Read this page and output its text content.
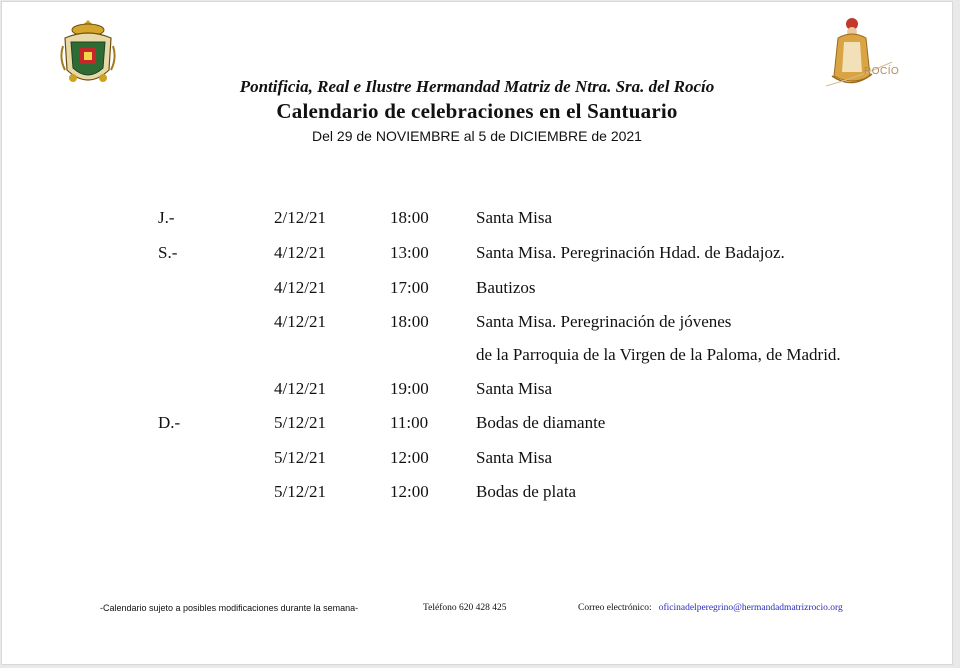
ROCÍO
Pontificia, Real e Ilustre Hermandad Matriz de Ntra. Sra. del Rocío
Calendario de celebraciones en el Santuario
Del 29 de NOVIEMBRE al 5 de DICIEMBRE de 2021
J.-	2/12/21	18:00	Santa Misa
S.-	4/12/21	13:00	Santa Misa. Peregrinación Hdad. de Badajoz.
4/12/21	17:00	Bautizos
4/12/21	18:00	Santa Misa. Peregrinación de jóvenes
de la Parroquia de la Virgen de la Paloma, de Madrid.
4/12/21	19:00	Santa Misa
D.-	5/12/21	11:00	Bodas de diamante
5/12/21	12:00	Santa Misa
5/12/21	12:00	Bodas de plata
-Calendario sujeto a posibles modificaciones durante la semana-	Teléfono 620 428 425	Correo electrónico: oficinadelperegrino@hermandadmatrizrocio.org
